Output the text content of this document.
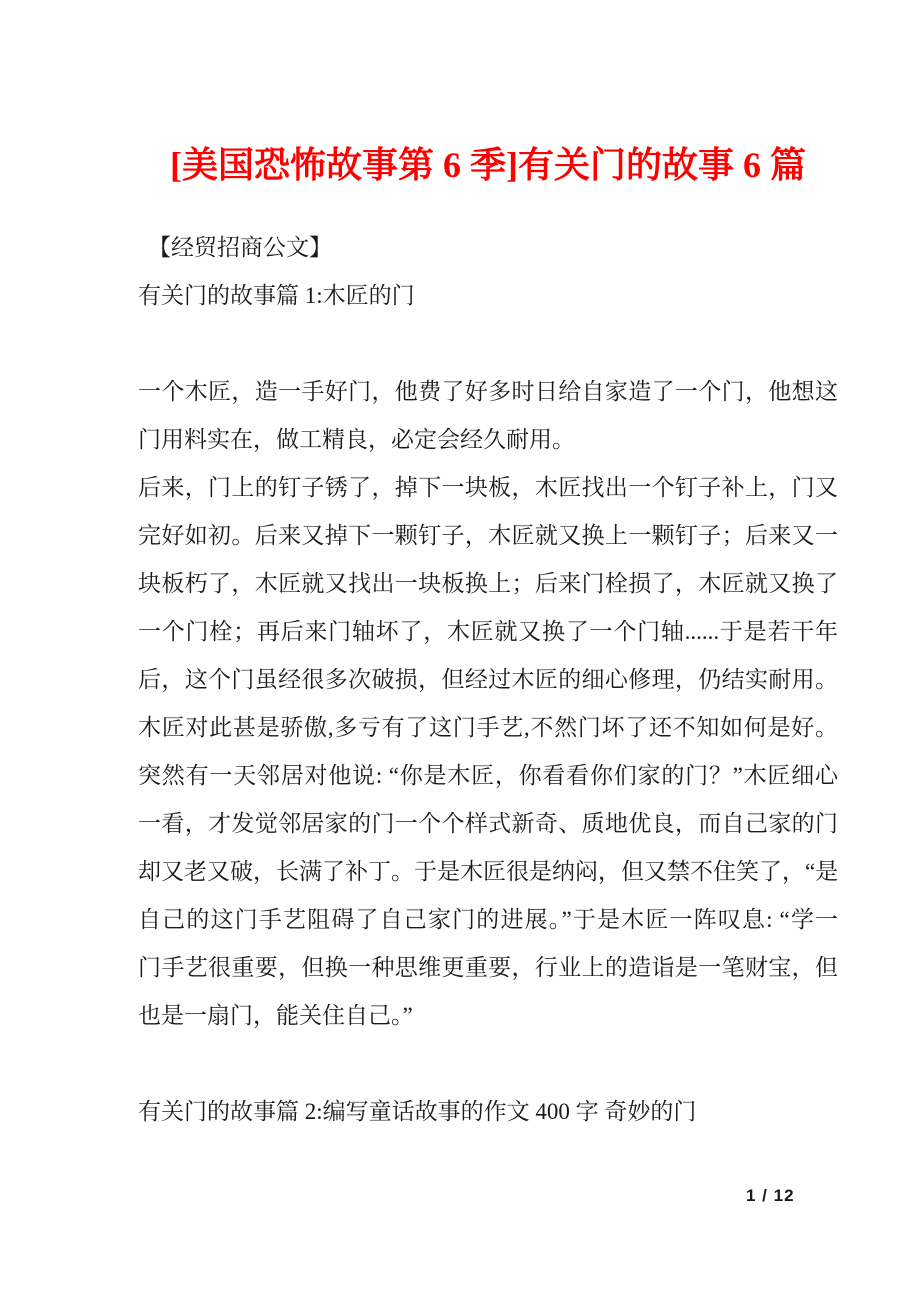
[美国恐怖故事第 6 季]有关门的故事 6 篇
【经贸招商公文】
有关门的故事篇 1:木匠的门
一个木匠，造一手好门，他费了好多时日给自家造了一个门，他想这
门用料实在，做工精良，必定会经久耐用。
后来，门上的钉子锈了，掉下一块板，木匠找出一个钉子补上，门又
完好如初。后来又掉下一颗钉子，木匠就又换上一颗钉子；后来又一
块板朽了，木匠就又找出一块板换上；后来门栓损了，木匠就又换了
一个门栓；再后来门轴坏了，木匠就又换了一个门轴......于是若干年
后，这个门虽经很多次破损，但经过木匠的细心修理，仍结实耐用。
木匠对此甚是骄傲,多亏有了这门手艺,不然门坏了还不知如何是好。
突然有一天邻居对他说: “你是木匠，你看看你们家的门？”木匠细心
一看，才发觉邻居家的门一个个样式新奇、质地优良，而自己家的门
却又老又破，长满了补丁。于是木匠很是纳闷，但又禁不住笑了，“是
自己的这门手艺阻碍了自己家门的进展。”于是木匠一阵叹息: “学一
门手艺很重要，但换一种思维更重要，行业上的造诣是一笔财宝，但
也是一扇门，能关住自己。”
有关门的故事篇 2:编写童话故事的作文 400 字 奇妙的门
1 / 12
